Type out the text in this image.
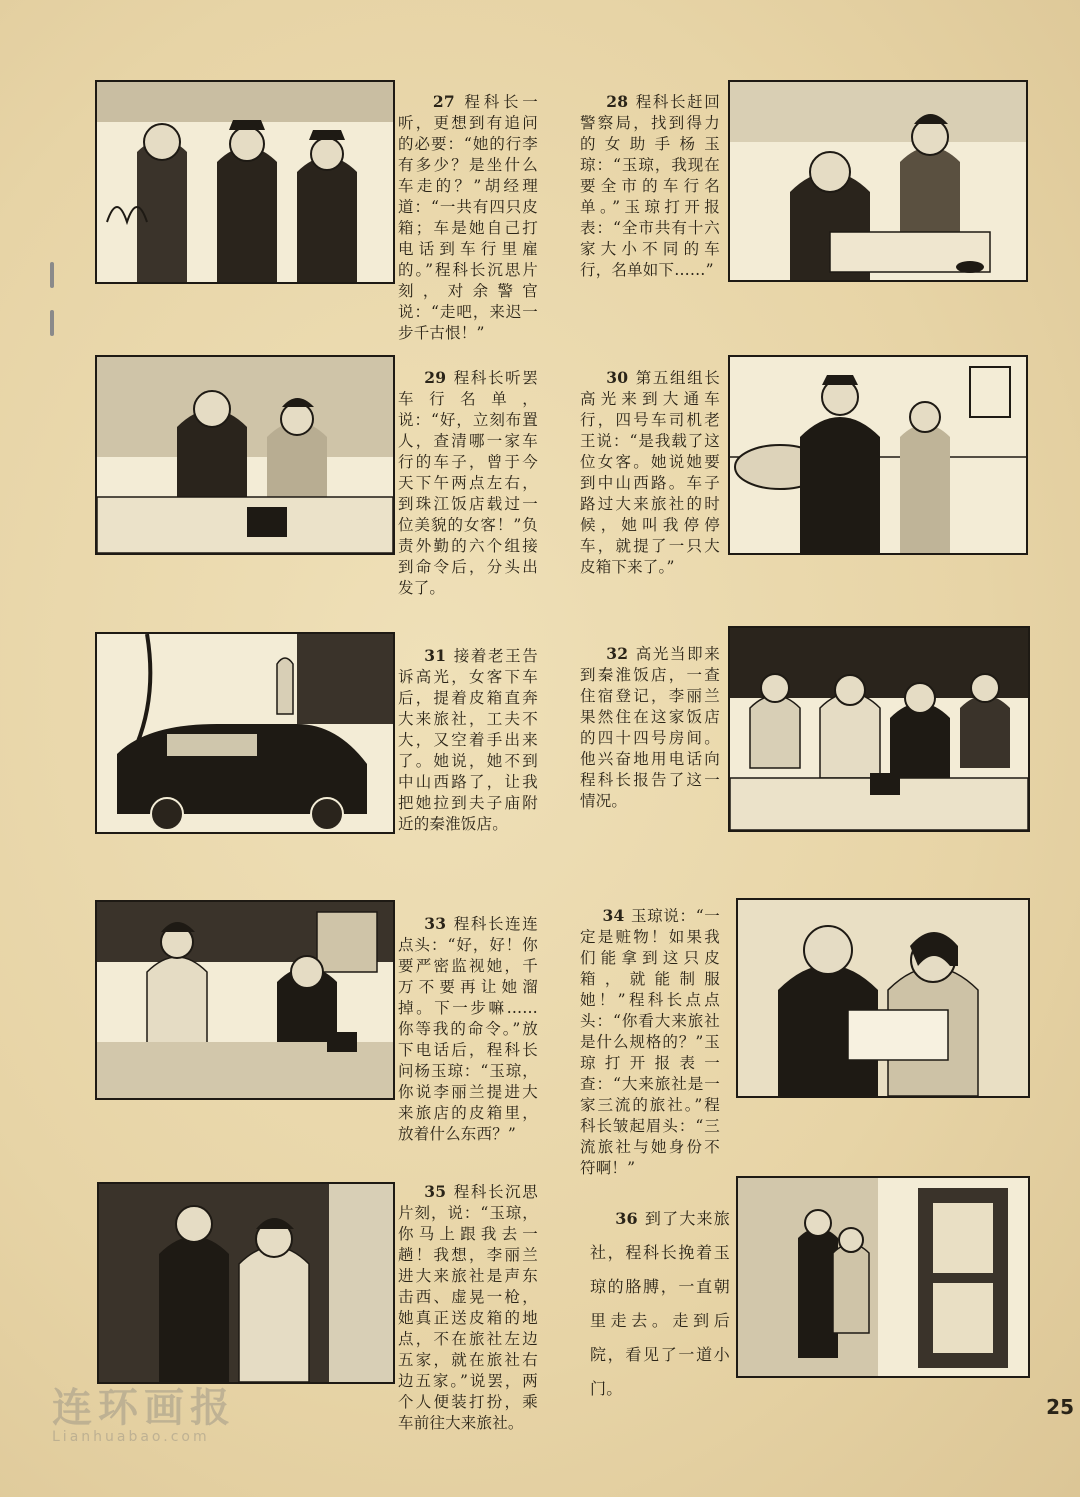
27 程科长一听，更想到有追问的必要：“她的行李有多少？是坐什么车走的？”胡经理道：“一共有四只皮箱；车是她自己打电话到车行里雇的。”程科长沉思片刻，对余警官说：“走吧，来迟一步千古恨！”

28 程科长赶回警察局，找到得力的女助手杨玉琼：“玉琼，我现在要全市的车行名单。”玉琼打开报表：“全市共有十六家大小不同的车行，名单如下……”

29 程科长听罢车行名单，说：“好，立刻布置人，查清哪一家车行的车子，曾于今天下午两点左右，到珠江饭店载过一位美貌的女客！”负责外勤的六个组接到命令后，分头出发了。

30 第五组组长高光来到大通车行，四号车司机老王说：“是我载了这位女客。她说她要到中山西路。车子路过大来旅社的时候，她叫我停停车，就提了一只大皮箱下来了。”

31 接着老王告诉高光，女客下车后，提着皮箱直奔大来旅社，工夫不大，又空着手出来了。她说，她不到中山西路了，让我把她拉到夫子庙附近的秦淮饭店。

32 高光当即来到秦淮饭店，一查住宿登记，李丽兰果然住在这家饭店的四十四号房间。他兴奋地用电话向程科长报告了这一情况。

33 程科长连连点头：“好，好！你要严密监视她，千万不要再让她溜掉。下一步嘛……你等我的命令。”放下电话后，程科长问杨玉琼：“玉琼，你说李丽兰提进大来旅店的皮箱里，放着什么东西？”

34 玉琼说：“一定是赃物！如果我们能拿到这只皮箱，就能制服她！”程科长点点头：“你看大来旅社是什么规格的？”玉琼打开报表一查：“大来旅社是一家三流的旅社。”程科长皱起眉头：“三流旅社与她身份不符啊！”

35 程科长沉思片刻，说：“玉琼，你马上跟我去一趟！我想，李丽兰进大来旅社是声东击西、虚晃一枪，她真正送皮箱的地点，不在旅社左边五家，就在旅社右边五家。”说罢，两个人便装打扮，乘车前往大来旅社。

36 到了大来旅社，程科长挽着玉琼的胳膊，一直朝里走去。走到后院，看见了一道小门。

连环画报
Lianhuabao.com
25
